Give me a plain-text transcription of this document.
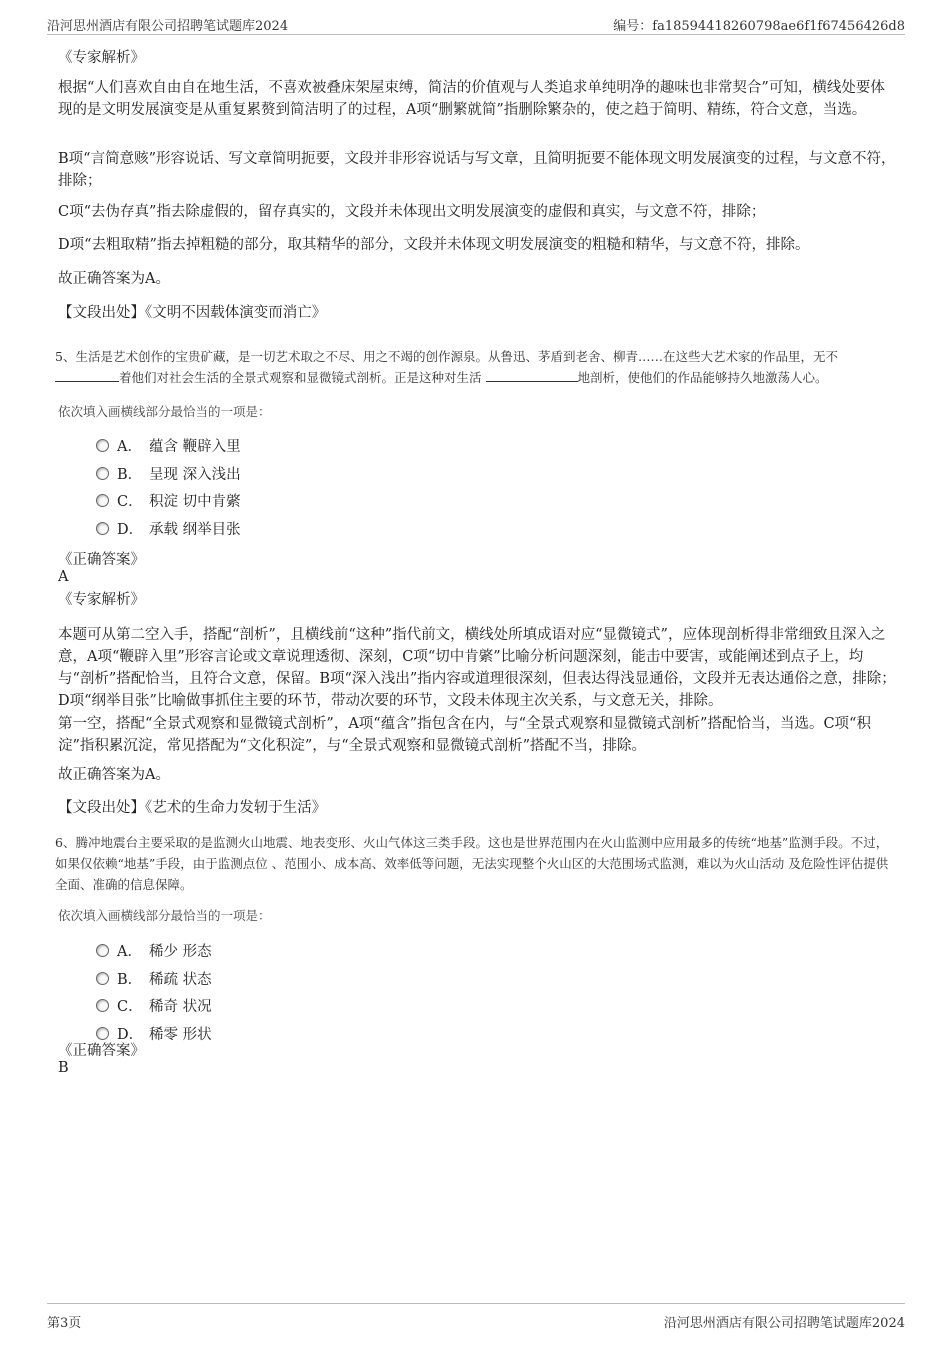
沿河思州酒店有限公司招聘笔试题库2024	编号：fa18594418260798ae6f1f67456426d8
《专家解析》
根据“人们喜欢自由自在地生活，不喜欢被叠床架屋束缚，简洁的价值观与人类追求单纯明净的趣味也非常契合”可知，横线处要体现的是文明发展演变是从重复累赘到简洁明了的过程，A项“删繁就简”指删除繁杂的，使之趋于简明、精练，符合文意，当选。
B项“言简意赅”形容说话、写文章简明扼要，文段并非形容说话与写文章，且简明扼要不能体现文明发展演变的过程，与文意不符，排除；
C项“去伪存真”指去除虚假的，留存真实的，文段并未体现出文明发展演变的虚假和真实，与文意不符，排除；
D项“去粗取精”指去掉粗糙的部分，取其精华的部分，文段并未体现文明发展演变的粗糙和精华，与文意不符，排除。
故正确答案为A。
【文段出处】《文明不因载体演变而消亡》
5、生活是艺术创作的宝贵矿藏，是一切艺术取之不尽、用之不竭的创作源泉。从鲁迅、茅盾到老舍、柳青……在这些大艺术家的作品里，无不
着他们对社会生活的全景式观察和显微镜式剖析。正是这种对生活	地剖析，使他们的作品能够持久地激荡人心。
依次填入画横线部分最恰当的一项是：
A． 蕴含 鞭辟入里
B． 呈现 深入浅出
C． 积淀 切中肯綮
D． 承载 纲举目张
《正确答案》
A
《专家解析》
本题可从第二空入手，搭配“剖析”，且横线前“这种”指代前文，横线处所填成语对应“显微镜式”，应体现剖析得非常细致且深入之意，A项“鞭辟入里”形容言论或文章说理透彻、深刻，C项“切中肯綮”比喻分析问题深刻，能击中要害，或能阐述到点子上，均与“剖析”搭配恰当，且符合文意，保留。B项“深入浅出”指内容或道理很深刻，但表达得浅显通俗，文段并无表达通俗之意，排除； D项“纲举目张”比喻做事抓住主要的环节，带动次要的环节，文段未体现主次关系，与文意无关，排除。
第一空，搭配“全景式观察和显微镜式剖析”，A项“蕴含”指包含在内，与“全景式观察和显微镜式剖析”搭配恰当，当选。C项“积淀”指积累沉淀，常见搭配为“文化积淀”，与“全景式观察和显微镜式剖析”搭配不当，排除。
故正确答案为A。
【文段出处】《艺术的生命力发轫于生活》
6、腾冲地震台主要采取的是监测火山地震、地表变形、火山气体这三类手段。这也是世界范围内在火山监测中应用最多的传统“地基”监测手段。不过，如果仅依赖“地基”手段，由于监测点位 、范围小、成本高、效率低等问题，无法实现整个火山区的大范围场式监测，难以为火山活动 及危险性评估提供全面、准确的信息保障。
依次填入画横线部分最恰当的一项是：
A． 稀少 形态
B． 稀疏 状态
C． 稀奇 状况
D． 稀零 形状
《正确答案》
B
第3页	沿河思州酒店有限公司招聘笔试题库2024
